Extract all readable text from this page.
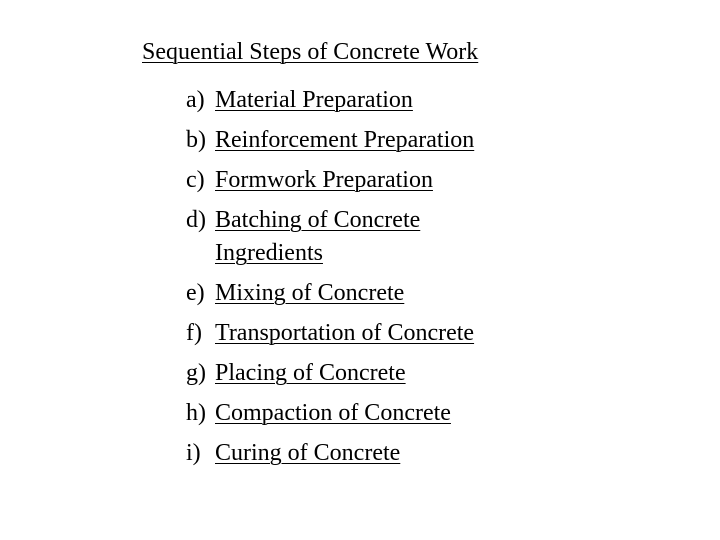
Sequential Steps of Concrete Work
a) Material Preparation
b) Reinforcement Preparation
c) Formwork Preparation
d) Batching of Concrete Ingredients
e) Mixing of Concrete
f) Transportation of Concrete
g) Placing of Concrete
h) Compaction of Concrete
i) Curing of Concrete
